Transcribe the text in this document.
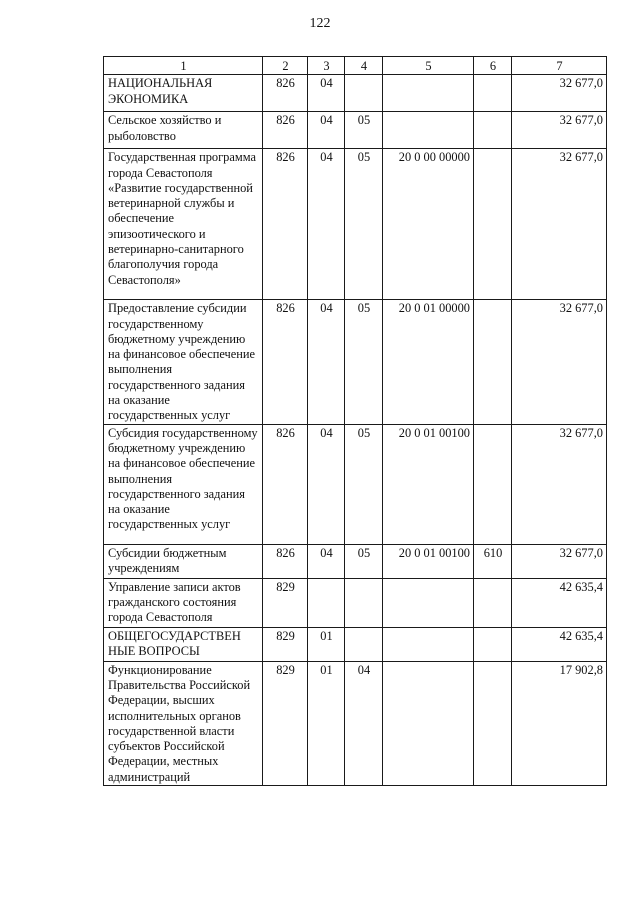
122
1	2	3	4	5	6	7
НАЦИОНАЛЬНАЯ ЭКОНОМИКА	826	04				32 677,0
Сельское хозяйство и рыболовство	826	04	05			32 677,0
Государственная программа города Севастополя «Развитие государственной ветеринарной службы и обеспечение эпизоотического и ветеринарно-санитарного благополучия города Севастополя»	826	04	05	20 0 00 00000		32 677,0
Предоставление субсидии государственному бюджетному учреждению на финансовое обеспечение выполнения государственного задания на оказание государственных услуг	826	04	05	20 0 01 00000		32 677,0
Субсидия государственному бюджетному учреждению на финансовое обеспечение выполнения государственного задания на оказание государственных услуг	826	04	05	20 0 01 00100		32 677,0
Субсидии бюджетным учреждениям	826	04	05	20 0 01 00100	610	32 677,0
Управление записи актов гражданского состояния города Севастополя	829					42 635,4
ОБЩЕГОСУДАРСТВЕН НЫЕ ВОПРОСЫ	829	01				42 635,4
Функционирование Правительства Российской Федерации, высших исполнительных органов государственной власти субъектов Российской Федерации, местных администраций	829	01	04			17 902,8
